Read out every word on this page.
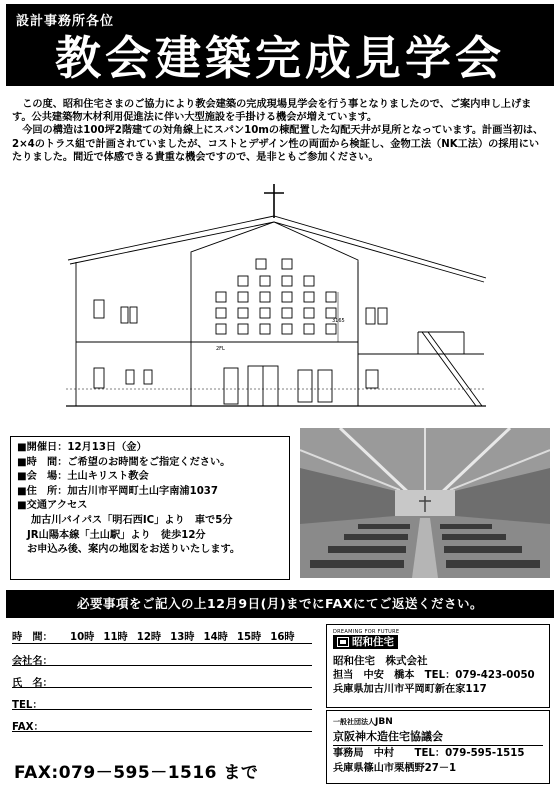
設計事務所各位
教会建築完成見学会

この度、昭和住宅さまのご協力により教会建築の完成現場見学会を行う事となりましたので、ご案内申し上げます。公共建築物木材利用促進法に伴い大型施設を手掛ける機会が増えています。

今回の構造は100坪2階建ての対角線上にスパン10mの棟配置した勾配天井が見所となっています。計画当初は、2×4のトラス組で計画されていましたが、コストとデザイン性の両面から検証し、金物工法（NK工法）の採用にいたりました。間近で体感できる貴重な機会ですので、是非ともご参加ください。

3165
2FL
■開催日：12月13日（金）
■時　間：ご希望のお時間をご指定ください。
■会　場：土山キリスト教会
■住　所：加古川市平岡町土山字南浦1037
■交通アクセス
加古川バイパス「明石西IC」より　車で5分
JR山陽本線「土山駅」より　徒歩12分
お申込み後、案内の地図をお送りいたします。
必要事項をご記入の上12月9日(月)までにFAXにてご返送ください。
時　間：	10時 11時 12時 13時 14時 15時 16時
会社名：
氏　名：
TEL：
FAX：
FAX:079－595－1516 まで
DREAMING FOR FUTURE
昭和住宅
昭和住宅　株式会社
担当　中安　橋本　TEL：079-423-0050
兵庫県加古川市平岡町新在家117
一般社団法人JBN
京阪神木造住宅協議会
事務局　中村　　TEL：079-595-1515
兵庫県篠山市栗栖野27－1
